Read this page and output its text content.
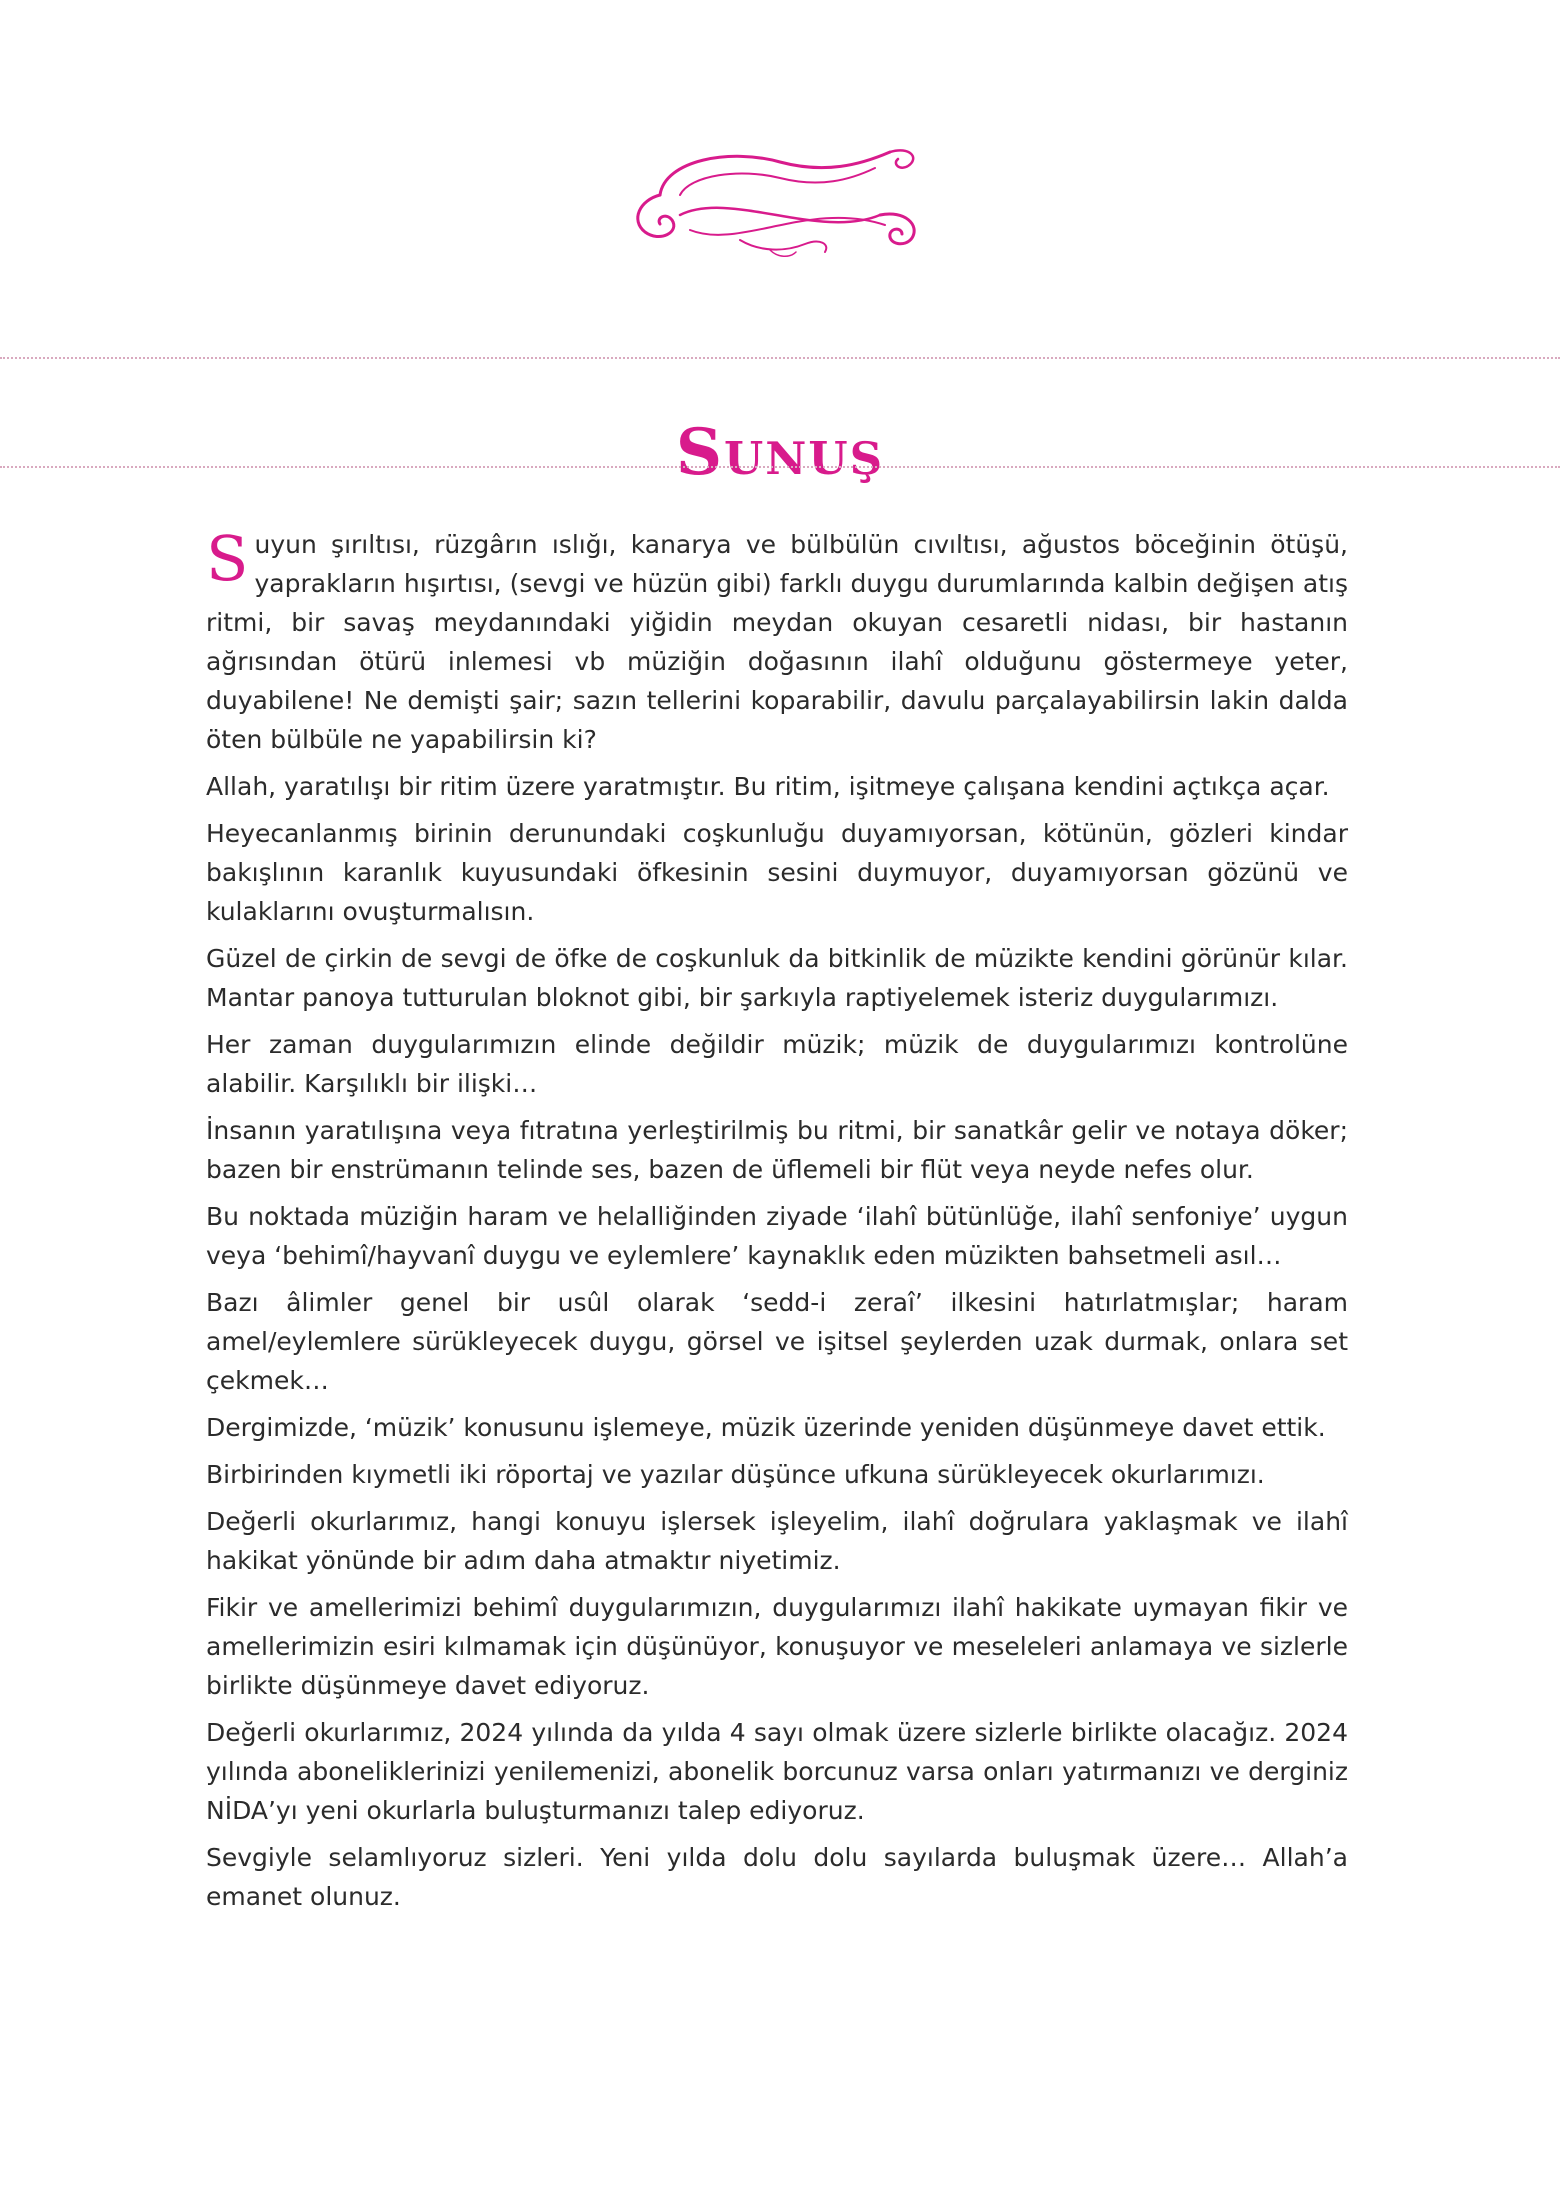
Sunuş

Suyun şırıltısı, rüzgârın ıslığı, kanarya ve bülbülün cıvıltısı, ağustos böceğinin ötüşü, yaprakların hışırtısı, (sevgi ve hüzün gibi) farklı duygu durumlarında kalbin değişen atış ritmi, bir savaş meydanındaki yiğidin meydan okuyan cesaretli nidası, bir hastanın ağrısından ötürü inlemesi vb müziğin doğasının ilahî olduğunu göstermeye yeter, duyabilene! Ne demişti şair; sazın tellerini koparabilir, davulu parçalayabilirsin lakin dalda öten bülbüle ne yapabilirsin ki?

Allah, yaratılışı bir ritim üzere yaratmıştır. Bu ritim, işitmeye çalışana kendini açtıkça açar.

Heyecanlanmış birinin derunundaki coşkunluğu duyamıyorsan, kötünün, gözleri kindar bakışlının karanlık kuyusundaki öfkesinin sesini duymuyor, duyamıyorsan gözünü ve kulaklarını ovuşturmalısın.

Güzel de çirkin de sevgi de öfke de coşkunluk da bitkinlik de müzikte kendini görünür kılar. Mantar panoya tutturulan bloknot gibi, bir şarkıyla raptiyelemek isteriz duygularımızı.

Her zaman duygularımızın elinde değildir müzik; müzik de duygularımızı kontrolüne alabilir. Karşılıklı bir ilişki…

İnsanın yaratılışına veya fıtratına yerleştirilmiş bu ritmi, bir sanatkâr gelir ve notaya döker; bazen bir enstrümanın telinde ses, bazen de üflemeli bir flüt veya neyde nefes olur.

Bu noktada müziğin haram ve helalliğinden ziyade ‘ilahî bütünlüğe, ilahî senfoniye’ uygun veya ‘behimî/hayvanî duygu ve eylemlere’ kaynaklık eden müzikten bahsetmeli asıl…

Bazı âlimler genel bir usûl olarak ‘sedd-i zeraî’ ilkesini hatırlatmışlar; haram amel/eylemlere sürükleyecek duygu, görsel ve işitsel şeylerden uzak durmak, onlara set çekmek…

Dergimizde, ‘müzik’ konusunu işlemeye, müzik üzerinde yeniden düşünmeye davet ettik.

Birbirinden kıymetli iki röportaj ve yazılar düşünce ufkuna sürükleyecek okurlarımızı.

Değerli okurlarımız, hangi konuyu işlersek işleyelim, ilahî doğrulara yaklaşmak ve ilahî hakikat yönünde bir adım daha atmaktır niyetimiz.

Fikir ve amellerimizi behimî duygularımızın, duygularımızı ilahî hakikate uymayan fikir ve amellerimizin esiri kılmamak için düşünüyor, konuşuyor ve meseleleri anlamaya ve sizlerle birlikte düşünmeye davet ediyoruz.

Değerli okurlarımız, 2024 yılında da yılda 4 sayı olmak üzere sizlerle birlikte olacağız. 2024 yılında aboneliklerinizi yenilemenizi, abonelik borcunuz varsa onları yatırmanızı ve derginiz NİDA’yı yeni okurlarla buluşturmanızı talep ediyoruz.

Sevgiyle selamlıyoruz sizleri. Yeni yılda dolu dolu sayılarda buluşmak üzere… Allah’a emanet olunuz.
